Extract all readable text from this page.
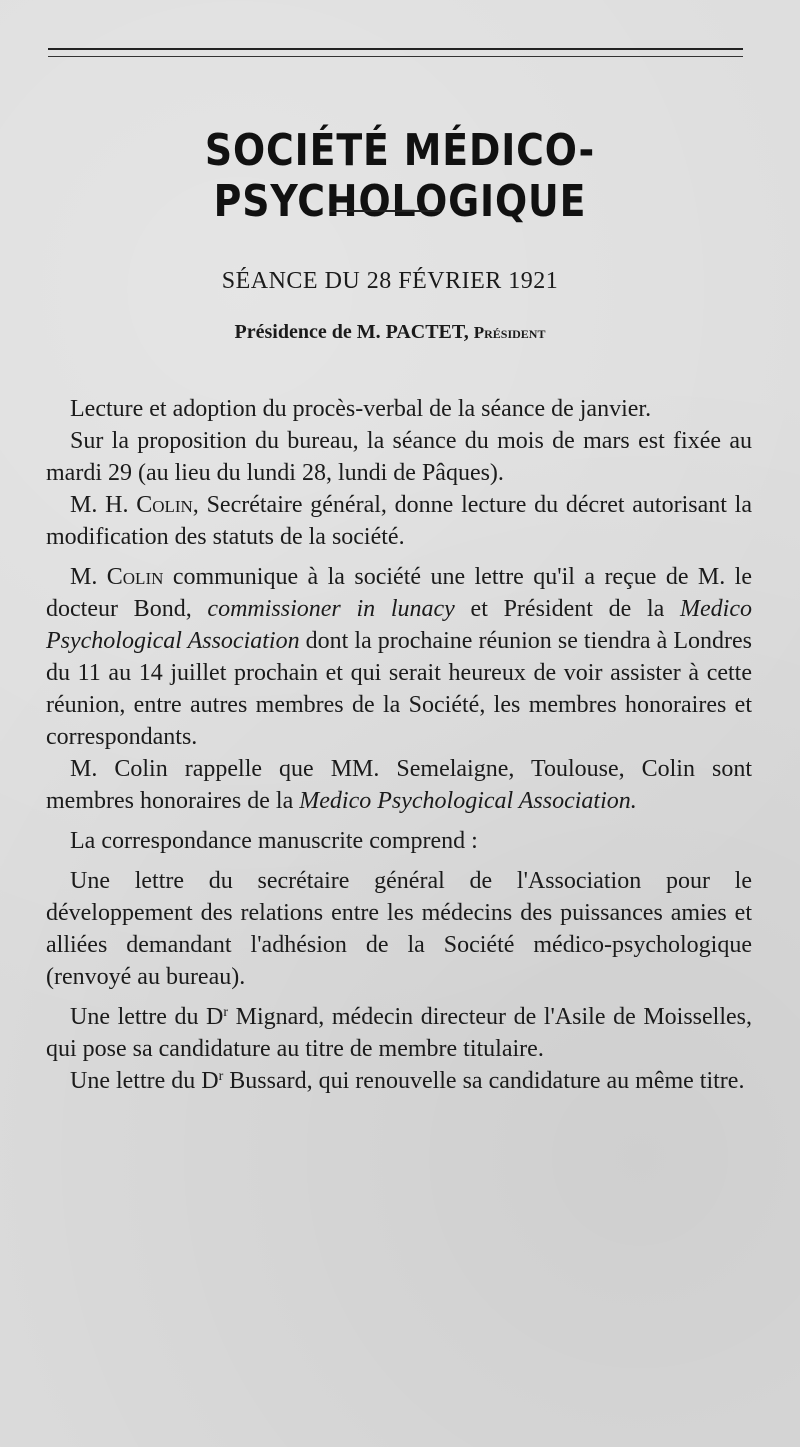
SOCIÉTÉ MÉDICO-PSYCHOLOGIQUE
SÉANCE DU 28 FÉVRIER 1921
Présidence de M. PACTET, Président

Lecture et adoption du procès-verbal de la séance de janvier.

Sur la proposition du bureau, la séance du mois de mars est fixée au mardi 29 (au lieu du lundi 28, lundi de Pâques).

M. H. Colin, Secrétaire général, donne lecture du décret autorisant la modification des statuts de la société.

M. Colin communique à la société une lettre qu'il a reçue de M. le docteur Bond, commissioner in lunacy et Président de la Medico Psychological Association dont la prochaine réunion se tiendra à Londres du 11 au 14 juillet prochain et qui serait heureux de voir assister à cette réunion, entre autres membres de la Société, les membres honoraires et correspondants.

M. Colin rappelle que MM. Semelaigne, Toulouse, Colin sont membres honoraires de la Medico Psychological Association.

La correspondance manuscrite comprend :

Une lettre du secrétaire général de l'Association pour le développement des relations entre les médecins des puissances amies et alliées demandant l'adhésion de la Société médico-psychologique (renvoyé au bureau).

Une lettre du $D^r$ Mignard, médecin directeur de l'Asile de Moisselles, qui pose sa candidature au titre de membre titulaire.

Une lettre du $D^r$ Bussard, qui renouvelle sa candidature au même titre.
